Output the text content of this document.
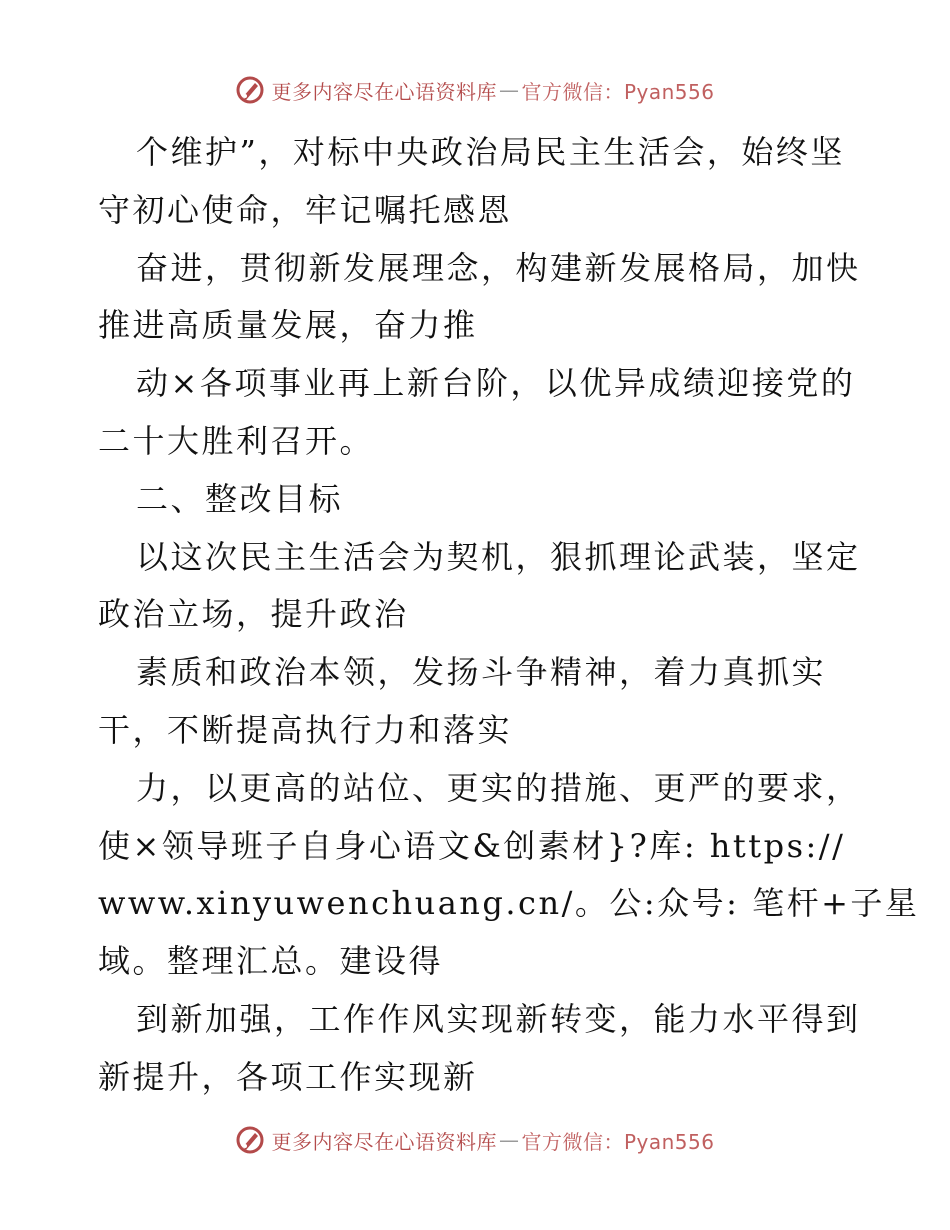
更多内容尽在心语资料库 — 官方微信：Pyan556
个维护”，对标中央政治局民主生活会，始终坚
守初心使命，牢记嘱托感恩
奋进，贯彻新发展理念，构建新发展格局，加快
推进高质量发展，奋力推
动×各项事业再上新台阶，以优异成绩迎接党的
二十大胜利召开。
二、整改目标
以这次民主生活会为契机，狠抓理论武装，坚定
政治立场，提升政治
素质和政治本领，发扬斗争精神，着力真抓实
干，不断提高执行力和落实
力，以更高的站位、更实的措施、更严的要求，
使×领导班子自身心语文&创素材}?库: https://
www.xinyuwenchuang.cn/。公:众号: 笔杆+子星
域。整理汇总。建设得
到新加强，工作作风实现新转变，能力水平得到
新提升，各项工作实现新
更多内容尽在心语资料库 — 官方微信：Pyan556
